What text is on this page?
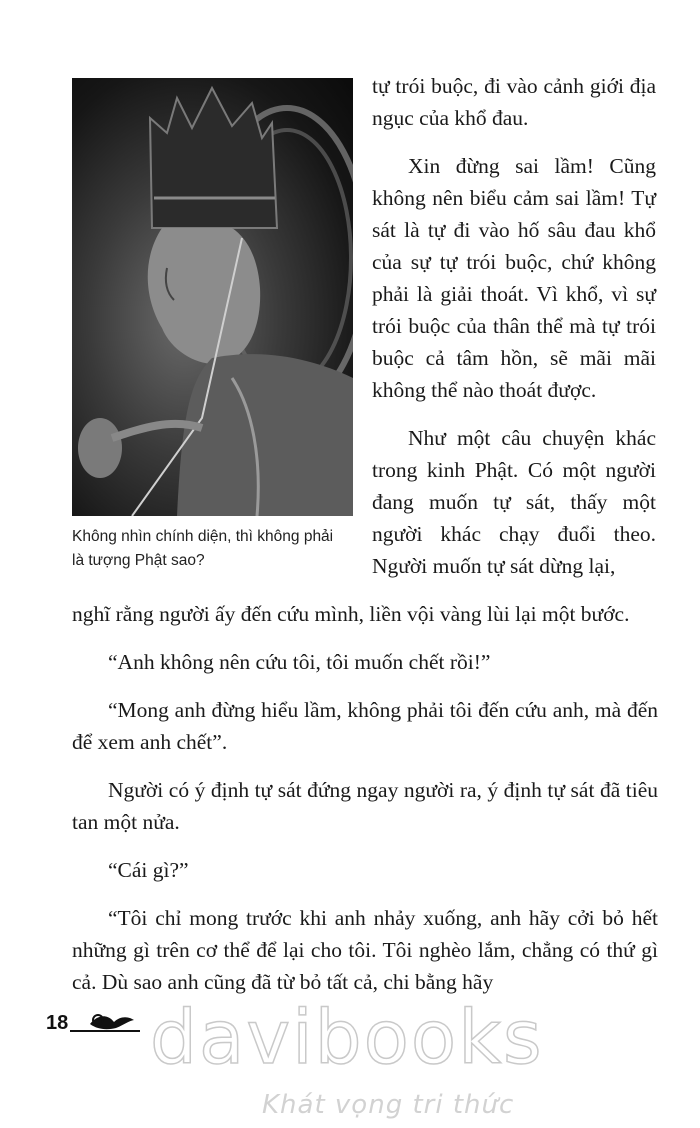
Không nhìn chính diện, thì không phải
là tượng Phật sao?

tự trói buộc, đi vào cảnh giới địa ngục của khổ đau.

Xin đừng sai lầm! Cũng không nên biểu cảm sai lầm! Tự sát là tự đi vào hố sâu đau khổ của sự tự trói buộc, chứ không phải là giải thoát. Vì khổ, vì sự trói buộc của thân thể mà tự trói buộc cả tâm hồn, sẽ mãi mãi không thể nào thoát được.

Như một câu chuyện khác trong kinh Phật. Có một người đang muốn tự sát, thấy một người khác chạy đuổi theo. Người muốn tự sát dừng lại,

nghĩ rằng người ấy đến cứu mình, liền vội vàng lùi lại một bước.

“Anh không nên cứu tôi, tôi muốn chết rồi!”

“Mong anh đừng hiểu lầm, không phải tôi đến cứu anh, mà đến để xem anh chết”.

Người có ý định tự sát đứng ngay người ra, ý định tự sát đã tiêu tan một nửa.

“Cái gì?”

“Tôi chỉ mong trước khi anh nhảy xuống, anh hãy cởi bỏ hết những gì trên cơ thể để lại cho tôi. Tôi nghèo lắm, chẳng có thứ gì cả. Dù sao anh cũng đã từ bỏ tất cả, chi bằng hãy

18 davibooks
Khát vọng tri thức
